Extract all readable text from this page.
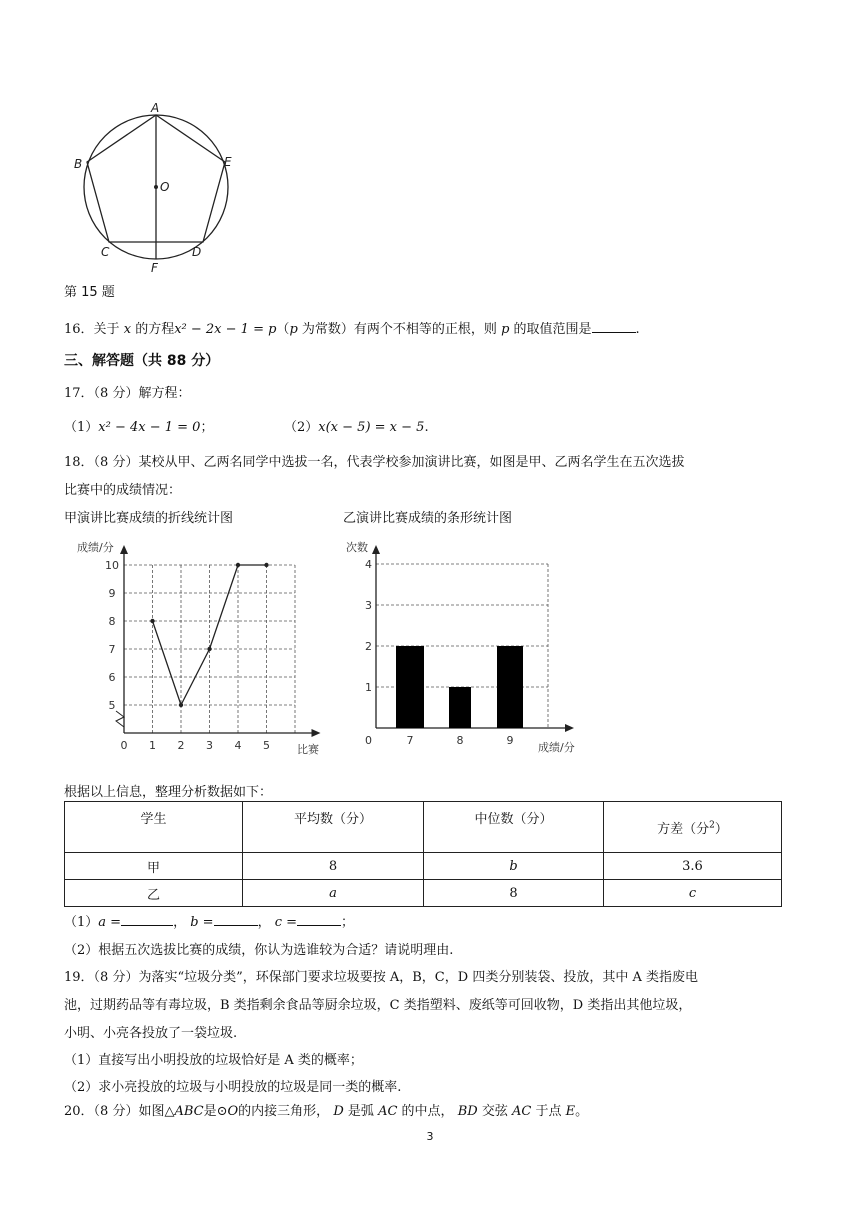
A
B	E
O
C	D
F
第 15 题
16．关于 x 的方程x² − 2x − 1 = p（p 为常数）有两个不相等的正根，则 p 的取值范围是	.
三、解答题（共 88 分）
17．（8 分）解方程：
（1）x² − 4x − 1 = 0；	（2）x(x − 5) = x − 5.
18．（8 分）某校从甲、乙两名同学中选拔一名，代表学校参加演讲比赛，如图是甲、乙两名学生在五次选拔
比赛中的成绩情况：
甲演讲比赛成绩的折线统计图	乙演讲比赛成绩的条形统计图
5
6
7
8
9
10
0 1 2 3 4 5
成绩/分
比赛
0
1
2
3
4
7	8	9
次数
成绩/分
根据以上信息，整理分析数据如下：
学生	平均数（分）	中位数（分）	方差（分$^2$）
甲	8	b	3.6
乙	a	8	c
（1）a =	， b =	， c =	；
（2）根据五次选拔比赛的成绩，你认为选谁较为合适？请说明理由.
19．（8 分）为落实“垃圾分类”，环保部门要求垃圾要按 A，B，C，D 四类分别装袋、投放，其中 A 类指废电
池，过期药品等有毒垃圾，B 类指剩余食品等厨余垃圾，C 类指塑料、废纸等可回收物，D 类指出其他垃圾，
小明、小亮各投放了一袋垃圾.
（1）直接写出小明投放的垃圾恰好是 A 类的概率；
（2）求小亮投放的垃圾与小明投放的垃圾是同一类的概率.
20．（8 分）如图△ABC是⊙O的内接三角形， D 是弧 AC 的中点， BD 交弦 AC 于点 E。
3
